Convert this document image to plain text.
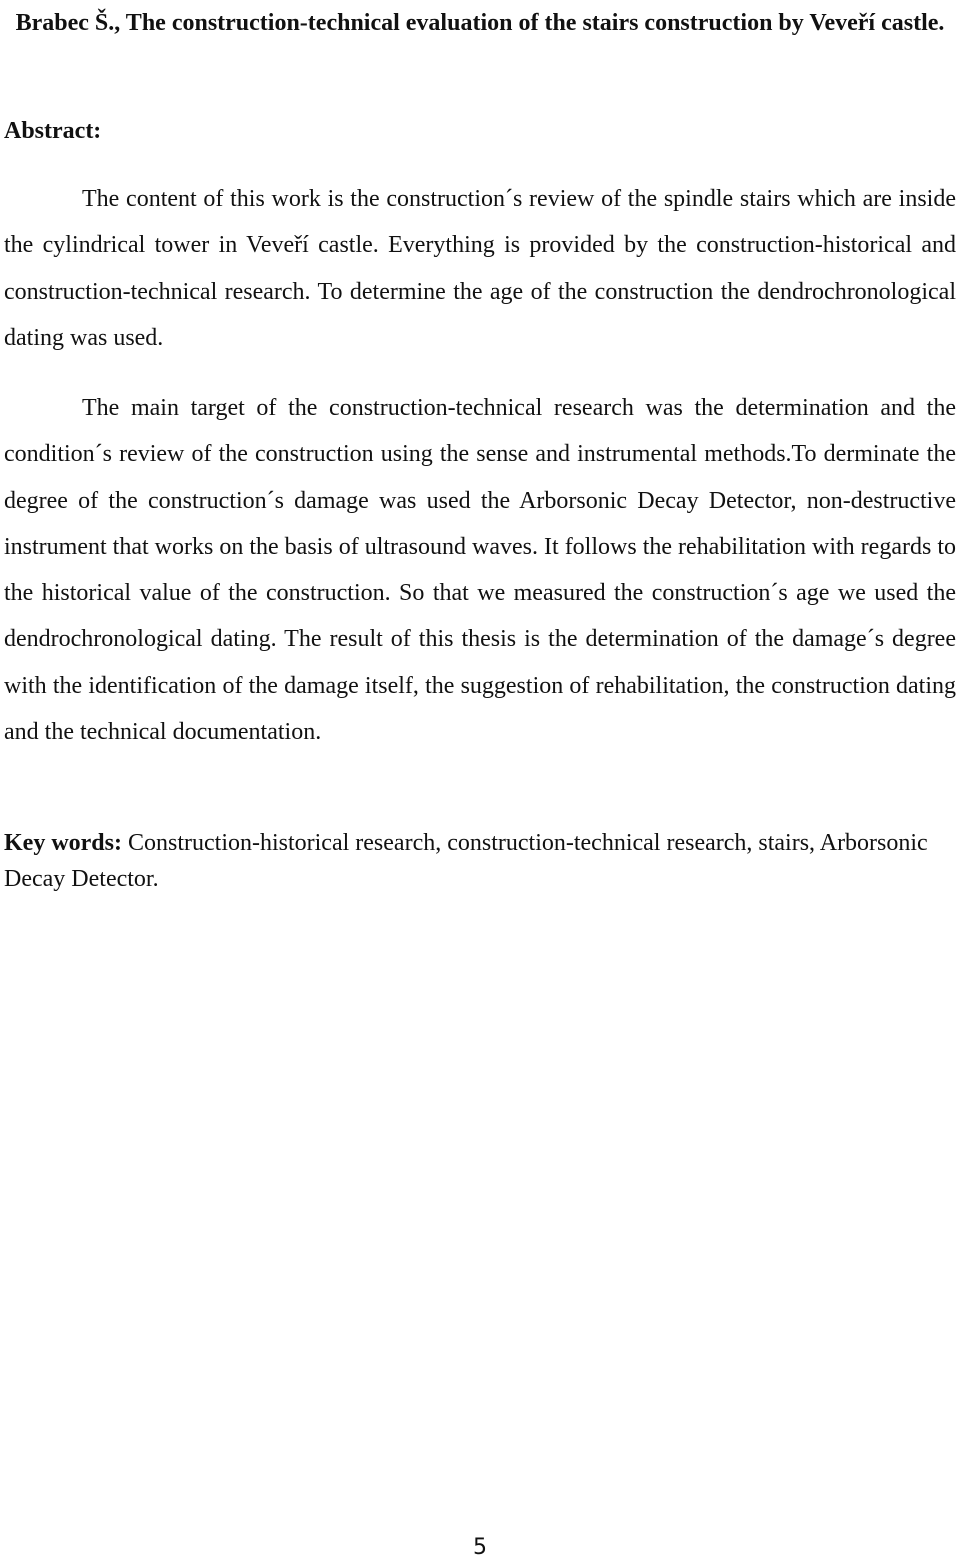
Brabec Š., The construction-technical evaluation of the stairs construction by Veveří castle.
Abstract:

The content of this work is the construction´s review of the spindle stairs which are inside the cylindrical tower in Veveří castle. Everything is provided by the construction-historical and construction-technical research. To determine the age of the construction the dendrochronological dating was used.

The main target of the construction-technical research was the determination and the condition´s review of the construction using the sense and instrumental methods.To derminate the degree of the construction´s damage was used the Arborsonic Decay Detector, non-destructive instrument that works on the basis of ultrasound waves. It follows the rehabilitation with regards to the historical value of the construction. So that we measured the construction´s age we used the dendrochronological dating. The result of this thesis is the determination of the damage´s degree with the identification of the damage itself, the suggestion of rehabilitation, the construction dating and the technical documentation.

Key words: Construction-historical research, construction-technical research, stairs, Arborsonic Decay Detector.

5
